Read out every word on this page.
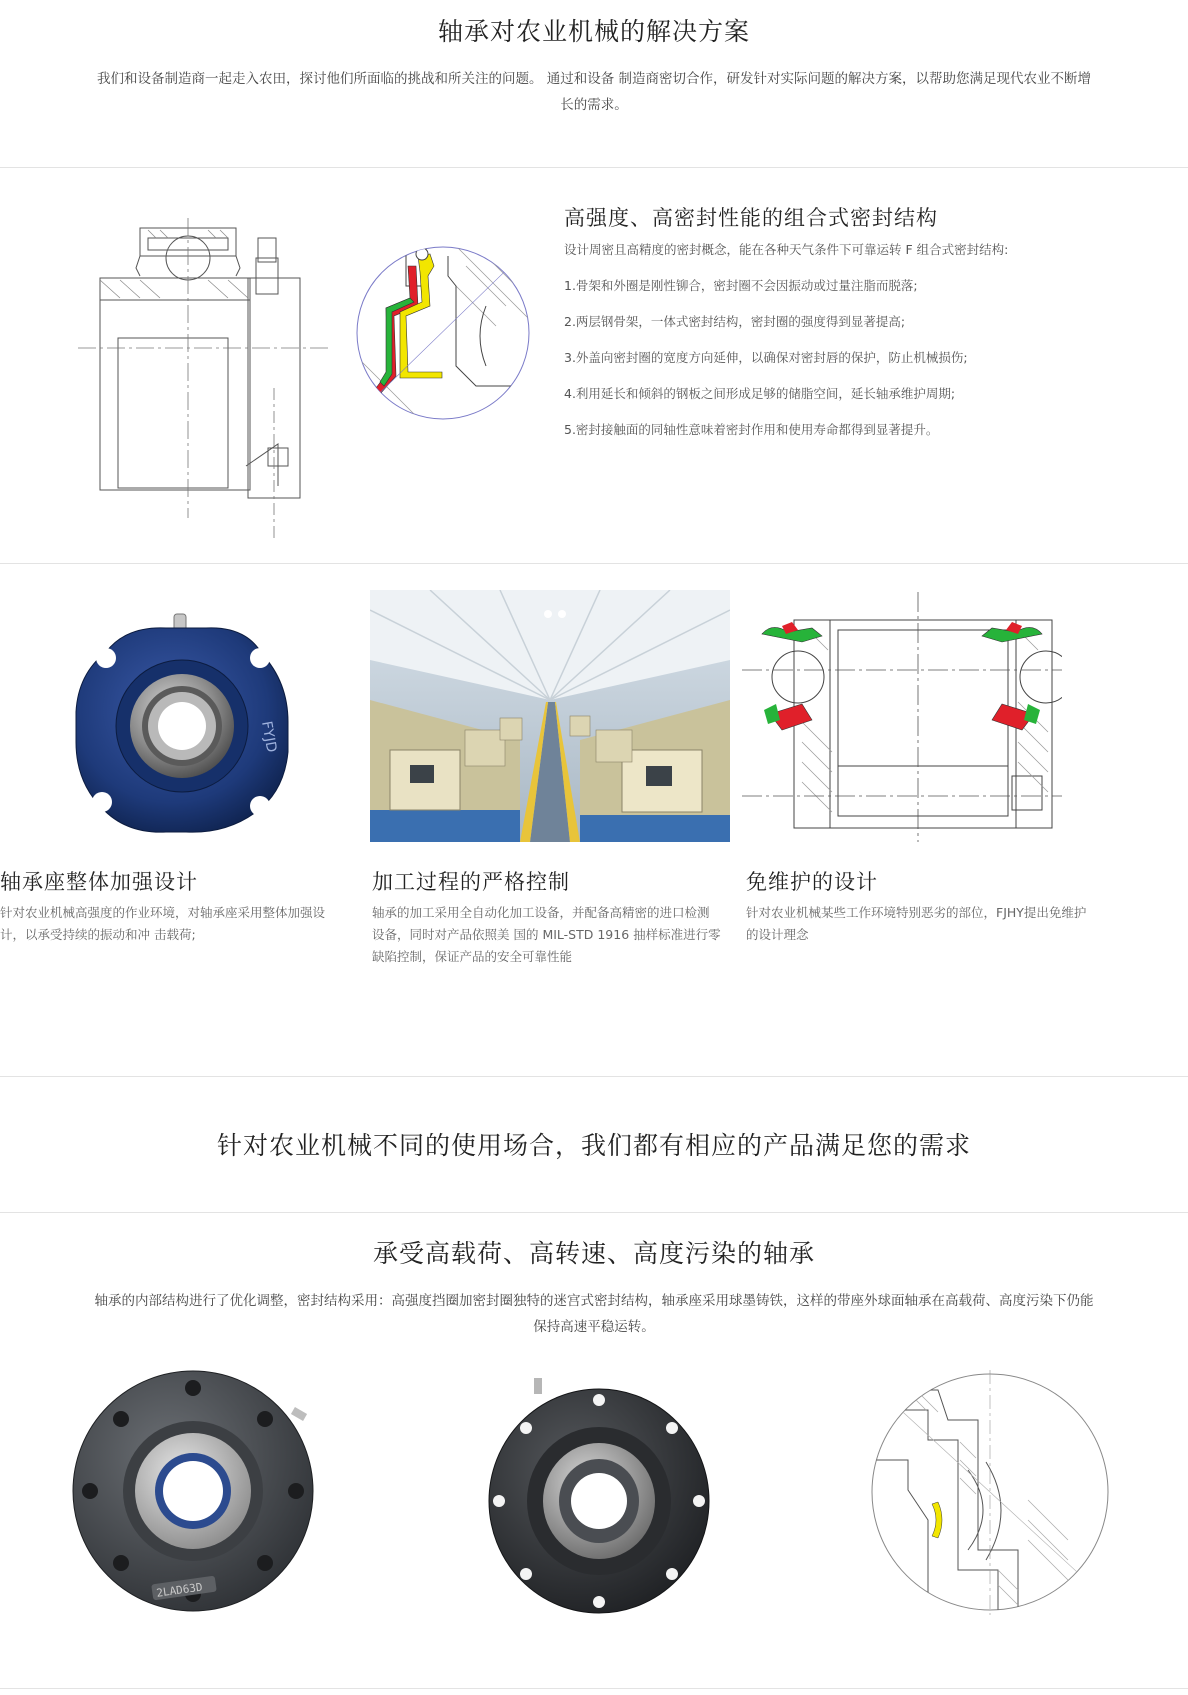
轴承对农业机械的解决方案
我们和设备制造商一起走入农田，探讨他们所面临的挑战和所关注的问题。 通过和设备 制造商密切合作，研发针对实际问题的解决方案，以帮助您满足现代农业不断增
长的需求。
高强度、高密封性能的组合式密封结构
设计周密且高精度的密封概念，能在各种天气条件下可靠运转 F 组合式密封结构:
1.骨架和外圈是刚性铆合，密封圈不会因振动或过量注脂而脱落;
2.两层钢骨架，一体式密封结构，密封圈的强度得到显著提高;
3.外盖向密封圈的宽度方向延伸，以确保对密封唇的保护，防止机械损伤;
4.利用延长和倾斜的钢板之间形成足够的储脂空间，延长轴承维护周期;
5.密封接触面的同轴性意味着密封作用和使用寿命都得到显著提升。
FYJD
轴承座整体加强设计
针对农业机械高强度的作业环境，对轴承座采用整体加强设
计，以承受持续的振动和冲 击载荷;
加工过程的严格控制
轴承的加工采用全自动化加工设备，并配备高精密的进口检测
设备，同时对产品依照美 国的 MIL-STD 1916 抽样标准进行零
缺陷控制，保证产品的安全可靠性能
免维护的设计
针对农业机械某些工作环境特别恶劣的部位，FJHY提出免维护
的设计理念
针对农业机械不同的使用场合，我们都有相应的产品满足您的需求
承受高载荷、高转速、高度污染的轴承
轴承的内部结构进行了优化调整，密封结构采用：高强度挡圈加密封圈独特的迷宫式密封结构，轴承座采用球墨铸铁，这样的带座外球面轴承在高载荷、高度污染下仍能
保持高速平稳运转。
2LAD63D
